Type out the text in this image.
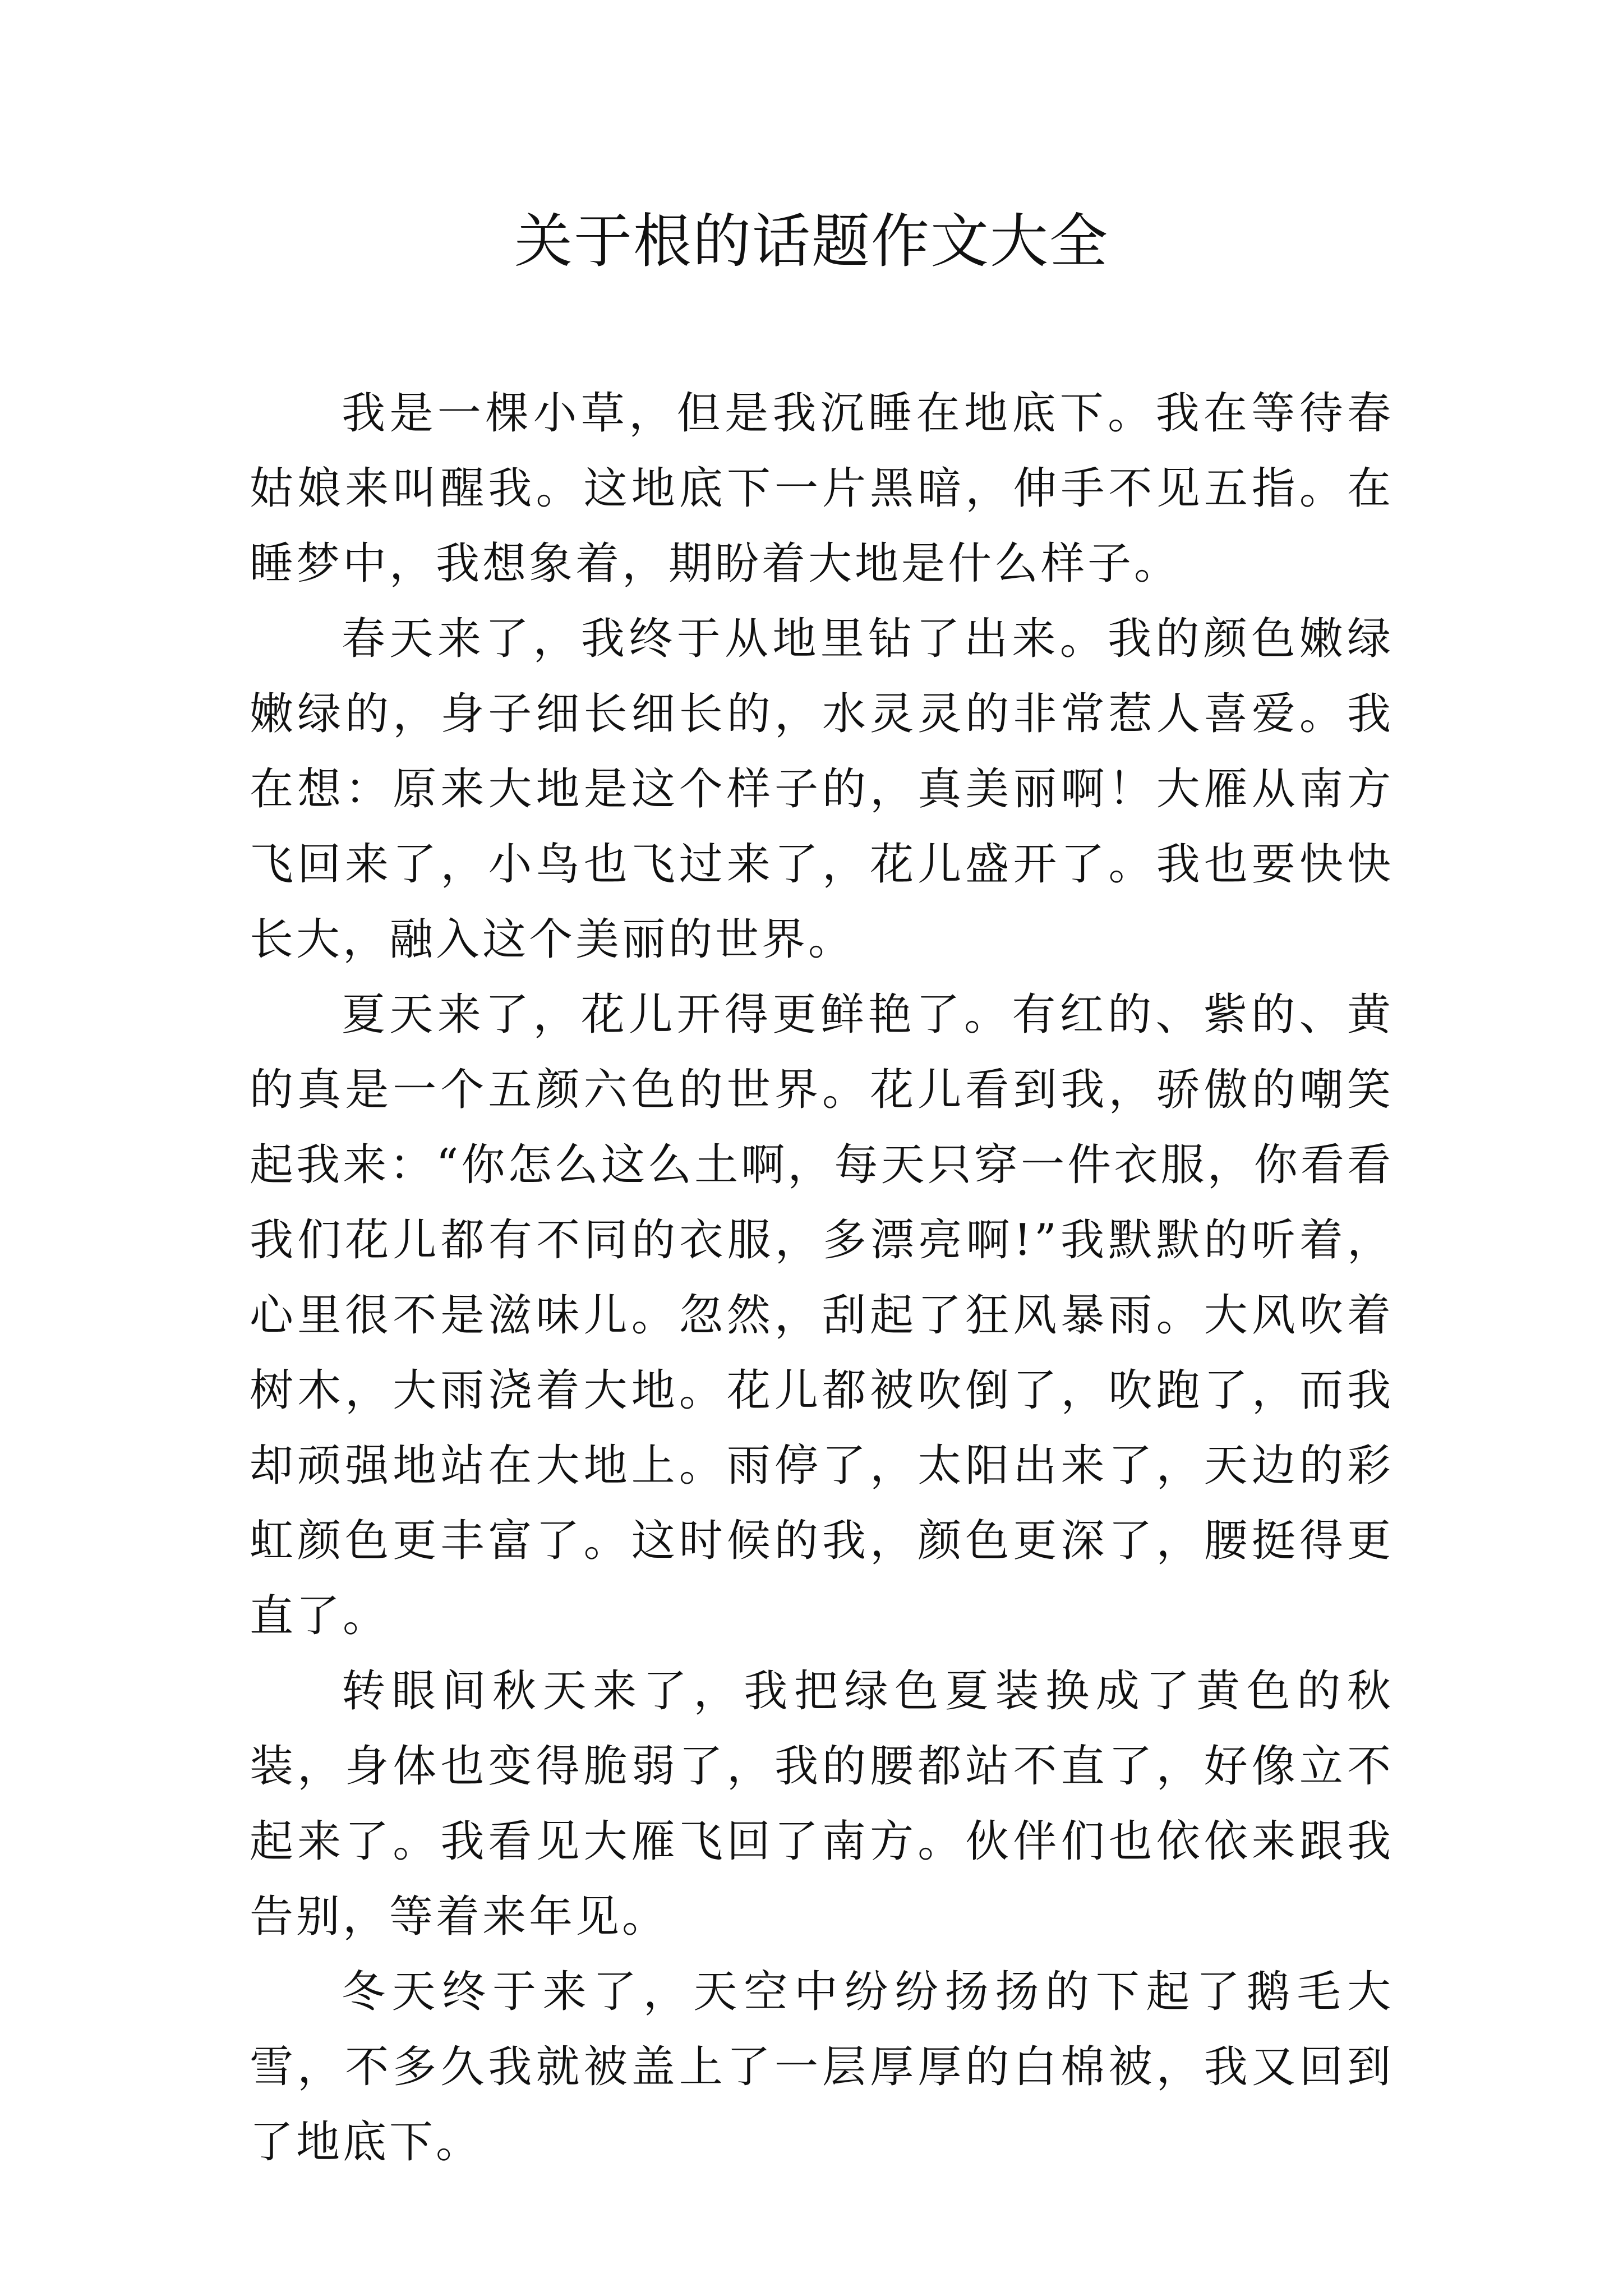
关于根的话题作文大全

我是一棵小草，但是我沉睡在地底下。我在等待春姑娘来叫醒我。这地底下一片黑暗，伸手不见五指。在睡梦中，我想象着，期盼着大地是什么样子。

春天来了，我终于从地里钻了出来。我的颜色嫩绿嫩绿的，身子细长细长的，水灵灵的非常惹人喜爱。我在想：原来大地是这个样子的，真美丽啊！大雁从南方飞回来了，小鸟也飞过来了，花儿盛开了。我也要快快长大，融入这个美丽的世界。

夏天来了，花儿开得更鲜艳了。有红的、紫的、黄的真是一个五颜六色的世界。花儿看到我，骄傲的嘲笑起我来：“你怎么这么土啊，每天只穿一件衣服，你看看我们花儿都有不同的衣服，多漂亮啊!”我默默的听着，心里很不是滋味儿。忽然，刮起了狂风暴雨。大风吹着树木，大雨浇着大地。花儿都被吹倒了，吹跑了，而我却顽强地站在大地上。雨停了，太阳出来了，天边的彩虹颜色更丰富了。这时候的我，颜色更深了，腰挺得更直了。

转眼间秋天来了，我把绿色夏装换成了黄色的秋装，身体也变得脆弱了，我的腰都站不直了，好像立不起来了。我看见大雁飞回了南方。伙伴们也依依来跟我告别，等着来年见。

冬天终于来了，天空中纷纷扬扬的下起了鹅毛大雪，不多久我就被盖上了一层厚厚的白棉被，我又回到了地底下。
